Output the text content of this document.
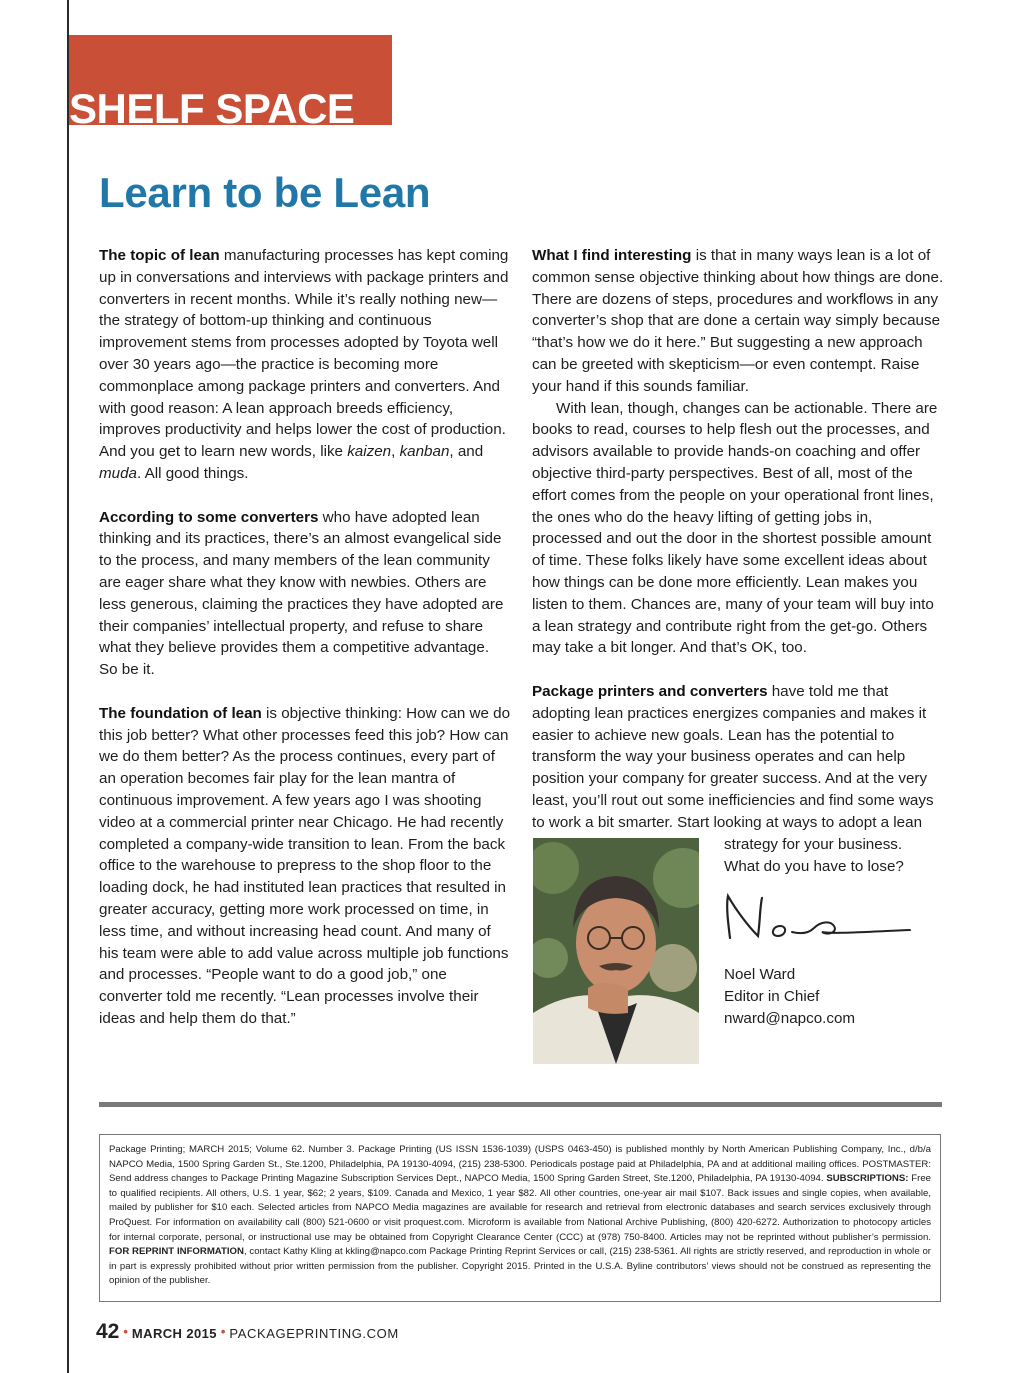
SHELF SPACE
Learn to be Lean

The topic of lean manufacturing processes has kept coming up in conversations and interviews with package printers and converters in recent months. While it’s really nothing new—the strategy of bottom-up thinking and continuous improvement stems from processes adopted by Toyota well over 30 years ago—the practice is becoming more commonplace among package printers and converters. And with good reason: A lean approach breeds efficiency, improves productivity and helps lower the cost of production. And you get to learn new words, like kaizen, kanban, and muda. All good things.

According to some converters who have adopted lean thinking and its practices, there’s an almost evangelical side to the process, and many members of the lean community are eager share what they know with newbies. Others are less generous, claiming the practices they have adopted are their companies’ intellectual property, and refuse to share what they believe provides them a competitive advantage. So be it.

The foundation of lean is objective thinking: How can we do this job better? What other processes feed this job? How can we do them better? As the process continues, every part of an operation becomes fair play for the lean mantra of continuous improvement. A few years ago I was shooting video at a commercial printer near Chicago. He had recently completed a company-wide transition to lean. From the back office to the warehouse to prepress to the shop floor to the loading dock, he had instituted lean practices that resulted in greater accuracy, getting more work processed on time, in less time, and without increasing head count. And many of his team were able to add value across multiple job functions and processes. “People want to do a good job,” one converter told me recently. “Lean processes involve their ideas and help them do that.”

What I find interesting is that in many ways lean is a lot of common sense objective thinking about how things are done. There are dozens of steps, procedures and workflows in any converter’s shop that are done a certain way simply because “that’s how we do it here.” But suggesting a new approach can be greeted with skepticism—or even contempt. Raise your hand if this sounds familiar.

With lean, though, changes can be actionable. There are books to read, courses to help flesh out the processes, and advisors available to provide hands-on coaching and offer objective third-party perspectives. Best of all, most of the effort comes from the people on your operational front lines, the ones who do the heavy lifting of getting jobs in, processed and out the door in the shortest possible amount of time. These folks likely have some excellent ideas about how things can be done more efficiently. Lean makes you listen to them. Chances are, many of your team will buy into a lean strategy and contribute right from the get-go. Others may take a bit longer. And that’s OK, too.

Package printers and converters have told me that adopting lean practices energizes companies and makes it easier to achieve new goals. Lean has the potential to transform the way your business operates and can help position your company for greater success. And at the very least, you’ll rout out some inefficiencies and find some ways to work a bit smarter. Start looking at ways to adopt a lean

strategy for your business.

What do you have to lose?

Noel Ward
Editor in Chief
nward@napco.com
Package Printing; MARCH 2015; Volume 62. Number 3. Package Printing (US ISSN 1536-1039) (USPS 0463-450) is published monthly by North American Publishing Company, Inc., d/b/a NAPCO Media, 1500 Spring Garden St., Ste.1200, Philadelphia, PA 19130-4094, (215) 238-5300. Periodicals postage paid at Philadelphia, PA and at additional mailing offices. POSTMASTER: Send address changes to Package Printing Magazine Subscription Services Dept., NAPCO Media, 1500 Spring Garden Street, Ste.1200, Philadelphia, PA 19130-4094. SUBSCRIPTIONS: Free to qualified recipients. All others, U.S. 1 year, $62; 2 years, $109. Canada and Mexico, 1 year $82. All other countries, one-year air mail $107. Back issues and single copies, when available, mailed by publisher for $10 each. Selected articles from NAPCO Media magazines are available for research and retrieval from electronic databases and search services exclusively through ProQuest. For information on availability call (800) 521-0600 or visit proquest.com. Microform is available from National Archive Publishing, (800) 420-6272. Authorization to photocopy articles for internal corporate, personal, or instructional use may be obtained from Copyright Clearance Center (CCC) at (978) 750-8400. Articles may not be reprinted without publisher’s permission. FOR REPRINT INFORMATION, contact Kathy Kling at kkling@napco.com Package Printing Reprint Services or call, (215) 238-5361. All rights are strictly reserved, and reproduction in whole or in part is expressly prohibited without prior written permission from the publisher. Copyright 2015. Printed in the U.S.A. Byline contributors’ views should not be construed as representing the opinion of the publisher.
42 • MARCH 2015 • PACKAGEPRINTING.COM
